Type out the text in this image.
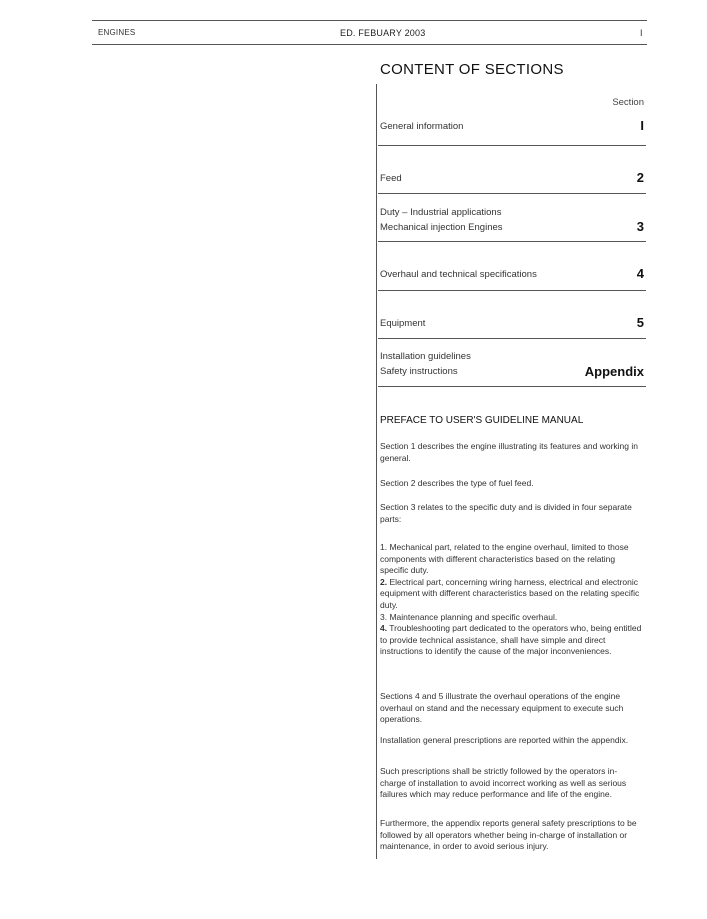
ENGINES	ED. FEBUARY 2003	I
CONTENT OF SECTIONS
Section
General information	I
Feed	2
Duty – Industrial applications
Mechanical injection Engines	3
Overhaul and technical specifications	4
Equipment	5
Installation guidelines
Safety instructions	Appendix
PREFACE TO USER'S GUIDELINE MANUAL

Section 1 describes the engine illustrating its features and working in general.

Section 2 describes the type of fuel feed.

Section 3 relates to the specific duty and is divided in four separate parts:

1. Mechanical part, related to the engine overhaul, limited to those components with different characteristics based on the relating specific duty.
2. Electrical part, concerning wiring harness, electrical and electronic equipment with different characteristics based on the relating specific duty.
3. Maintenance planning and specific overhaul.
4. Troubleshooting part dedicated to the operators who, being entitled to provide technical assistance, shall have simple and direct instructions to identify the cause of the major inconveniences.

Sections 4 and 5 illustrate the overhaul operations of the engine overhaul on stand and the necessary equipment to execute such operations.

Installation general prescriptions are reported within the appendix.

Such prescriptions shall be strictly followed by the operators in-charge of installation to avoid incorrect working as well as serious failures which may reduce performance and life of the engine.

Furthermore, the appendix reports general safety prescriptions to be followed by all operators whether being in-charge of installation or maintenance, in order to avoid serious injury.
